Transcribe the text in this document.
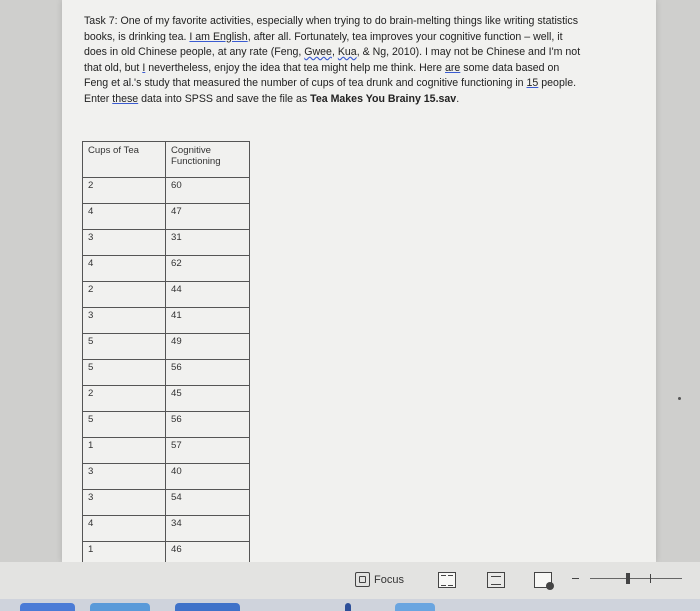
Task 7: One of my favorite activities, especially when trying to do brain-melting things like writing statistics books, is drinking tea. I am English, after all. Fortunately, tea improves your cognitive function – well, it does in old Chinese people, at any rate (Feng, Gwee, Kua, & Ng, 2010). I may not be Chinese and I'm not that old, but I nevertheless, enjoy the idea that tea might help me think. Here are some data based on Feng et al.'s study that measured the number of cups of tea drunk and cognitive functioning in 15 people. Enter these data into SPSS and save the file as Tea Makes You Brainy 15.sav.

Cups of Tea	Cognitive Functioning
2	60
4	47
3	31
4	62
2	44
3	41
5	49
5	56
2	45
5	56
1	57
3	40
3	54
4	34
1	46
Focus
